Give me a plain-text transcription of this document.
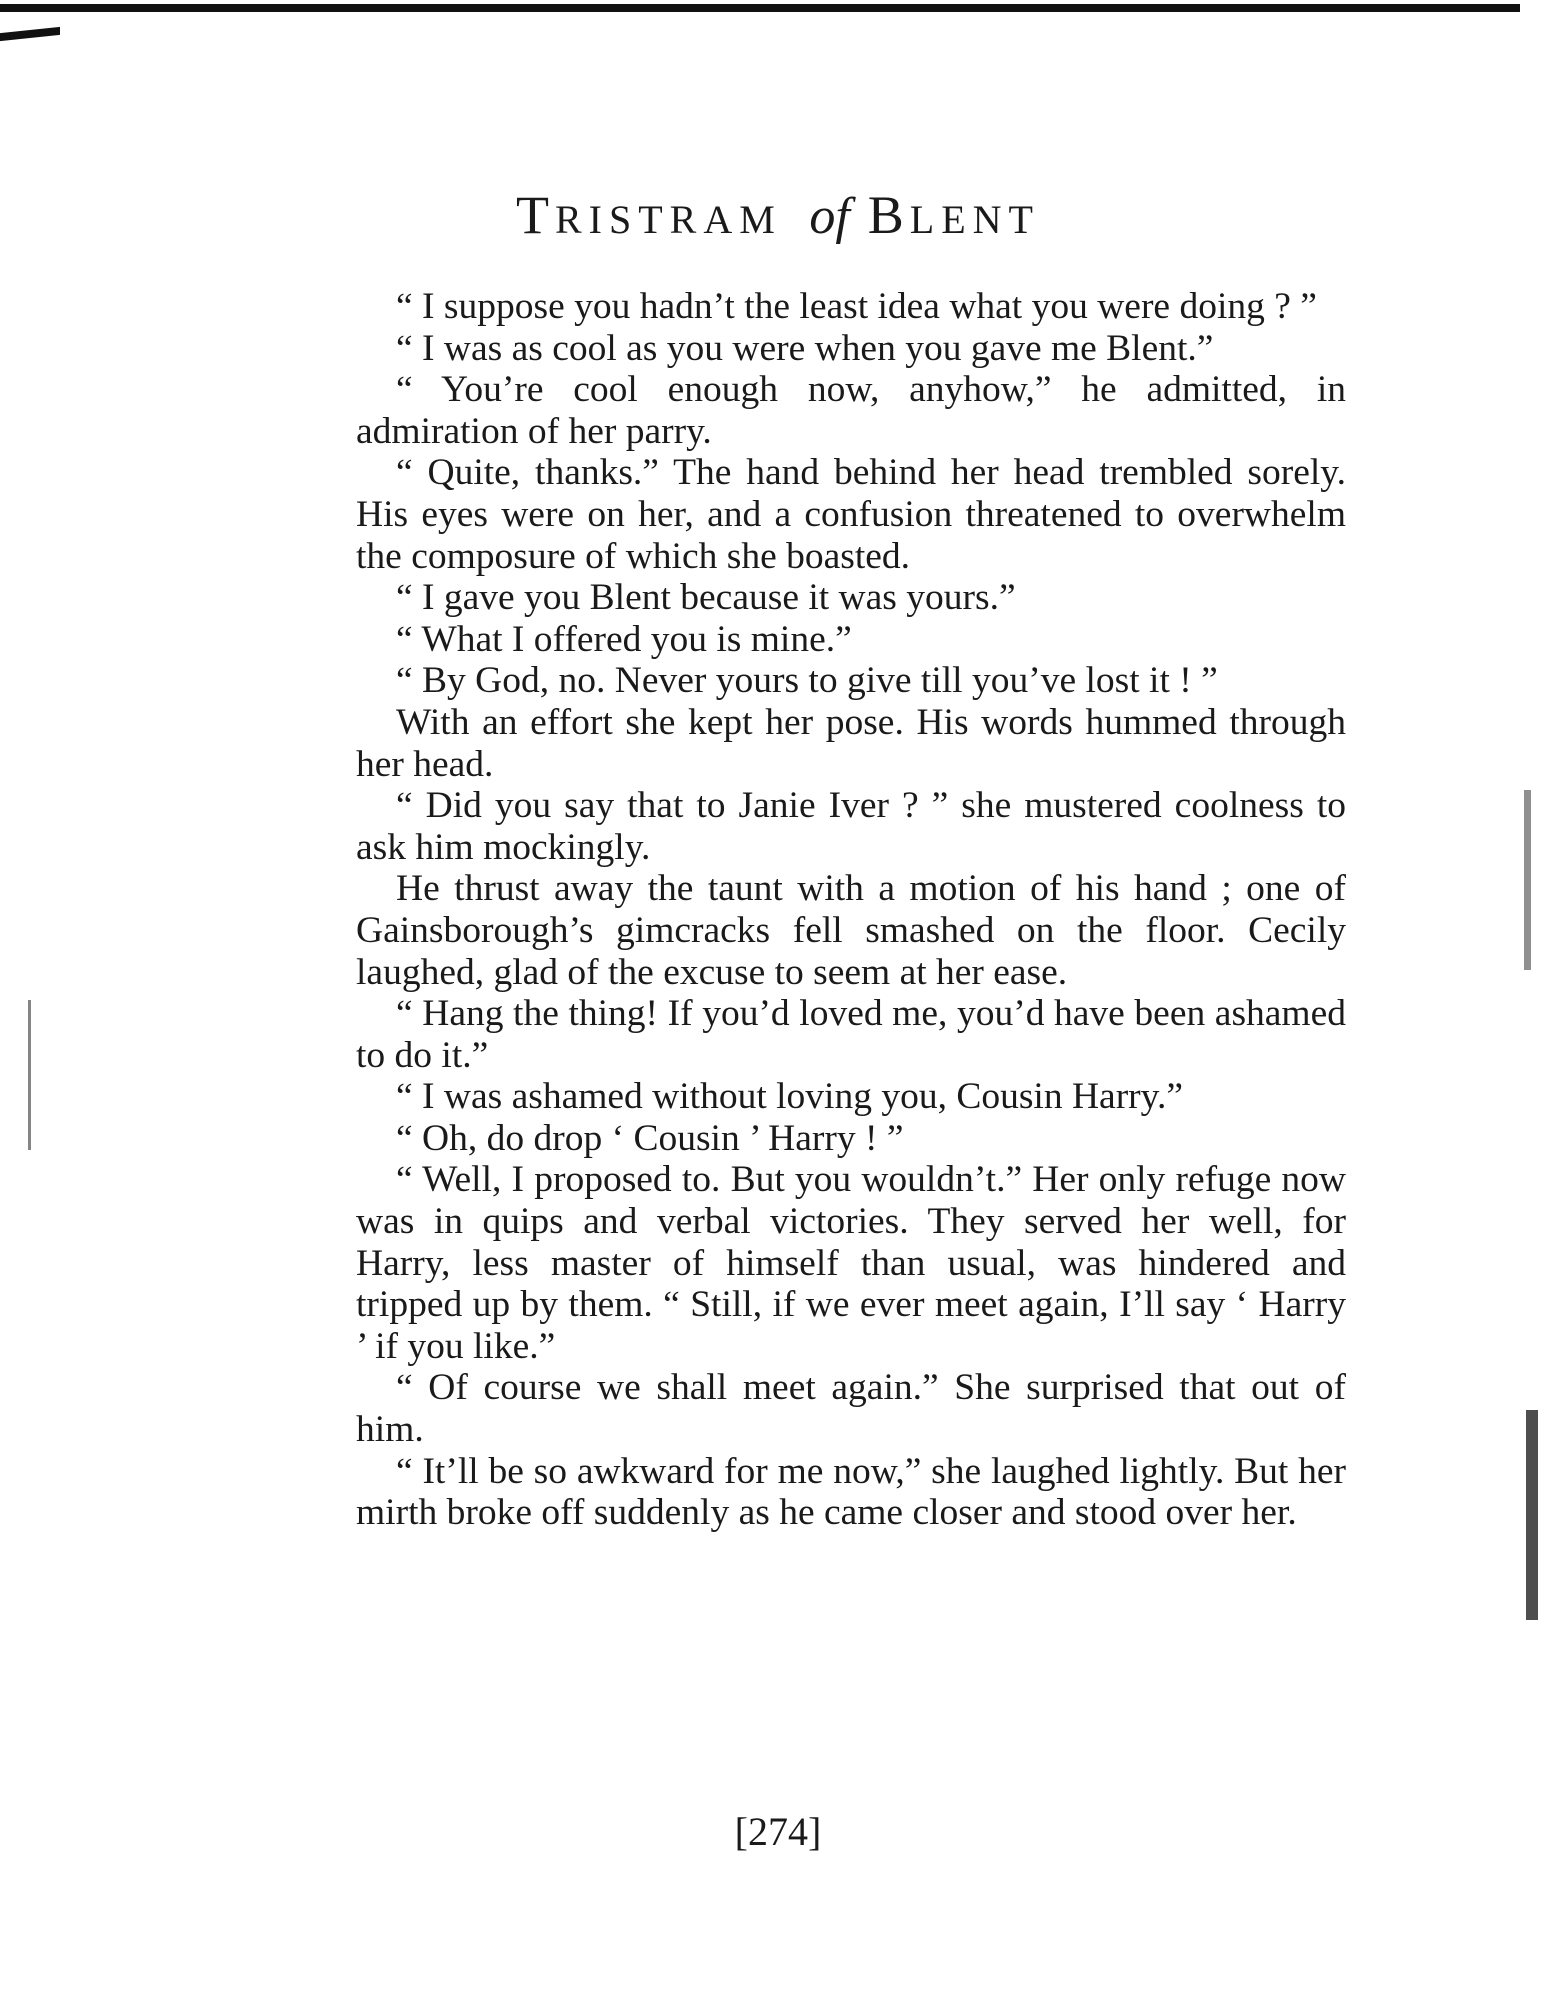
TRISTRAM of BLENT

“ I suppose you hadn’t the least idea what you were doing ? ”

“ I was as cool as you were when you gave me Blent.”

“ You’re cool enough now, anyhow,” he admitted, in admiration of her parry.

“ Quite, thanks.” The hand behind her head trembled sorely. His eyes were on her, and a confusion threatened to overwhelm the composure of which she boasted.

“ I gave you Blent because it was yours.”

“ What I offered you is mine.”

“ By God, no. Never yours to give till you’ve lost it ! ”

With an effort she kept her pose. His words hummed through her head.

“ Did you say that to Janie Iver ? ” she mustered coolness to ask him mockingly.

He thrust away the taunt with a motion of his hand ; one of Gainsborough’s gimcracks fell smashed on the floor. Cecily laughed, glad of the excuse to seem at her ease.

“ Hang the thing! If you’d loved me, you’d have been ashamed to do it.”

“ I was ashamed without loving you, Cousin Harry.”

“ Oh, do drop ‘ Cousin ’ Harry ! ”

“ Well, I proposed to. But you wouldn’t.” Her only refuge now was in quips and verbal victories. They served her well, for Harry, less master of himself than usual, was hindered and tripped up by them. “ Still, if we ever meet again, I’ll say ‘ Harry ’ if you like.”

“ Of course we shall meet again.” She surprised that out of him.

“ It’ll be so awkward for me now,” she laughed lightly. But her mirth broke off suddenly as he came closer and stood over her.

[274]
